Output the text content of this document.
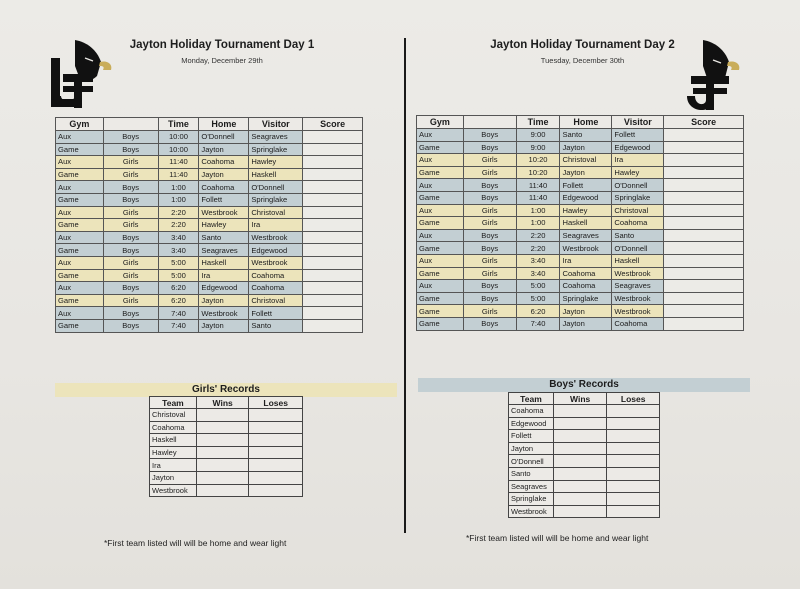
Jayton Holiday Tournament Day 1
Monday, December 29th
Jayton Holiday Tournament Day 2
Tuesday, December 30th
Gym		Time	Home	Visitor	Score
Aux	Boys	10:00	O'Donnell	Seagraves	
Game	Boys	10:00	Jayton	Springlake	
Aux	Girls	11:40	Coahoma	Hawley	
Game	Girls	11:40	Jayton	Haskell	
Aux	Boys	1:00	Coahoma	O'Donnell	
Game	Boys	1:00	Follett	Springlake	
Aux	Girls	2:20	Westbrook	Christoval	
Game	Girls	2:20	Hawley	Ira	
Aux	Boys	3:40	Santo	Westbrook	
Game	Boys	3:40	Seagraves	Edgewood	
Aux	Girls	5:00	Haskell	Westbrook	
Game	Girls	5:00	Ira	Coahoma	
Aux	Boys	6:20	Edgewood	Coahoma	
Game	Girls	6:20	Jayton	Christoval	
Aux	Boys	7:40	Westbrook	Follett	
Game	Boys	7:40	Jayton	Santo	
Gym		Time	Home	Visitor	Score
Aux	Boys	9:00	Santo	Follett	
Game	Boys	9:00	Jayton	Edgewood	
Aux	Girls	10:20	Christoval	Ira	
Game	Girls	10:20	Jayton	Hawley	
Aux	Boys	11:40	Follett	O'Donnell	
Game	Boys	11:40	Edgewood	Springlake	
Aux	Girls	1:00	Hawley	Christoval	
Game	Girls	1:00	Haskell	Coahoma	
Aux	Boys	2:20	Seagraves	Santo	
Game	Boys	2:20	Westbrook	O'Donnell	
Aux	Girls	3:40	Ira	Haskell	
Game	Girls	3:40	Coahoma	Westbrook	
Aux	Boys	5:00	Coahoma	Seagraves	
Game	Boys	5:00	Springlake	Westbrook	
Game	Girls	6:20	Jayton	Westbrook	
Game	Boys	7:40	Jayton	Coahoma	
Girls' Records
Team	Wins	Loses
Christoval		
Coahoma		
Haskell		
Hawley		
Ira		
Jayton		
Westbrook		
Boys' Records
Team	Wins	Loses
Coahoma		
Edgewood		
Follett		
Jayton		
O'Donnell		
Santo		
Seagraves		
Springlake		
Westbrook		
*First team listed will will be home and wear light	*First team listed will will be home and wear light
